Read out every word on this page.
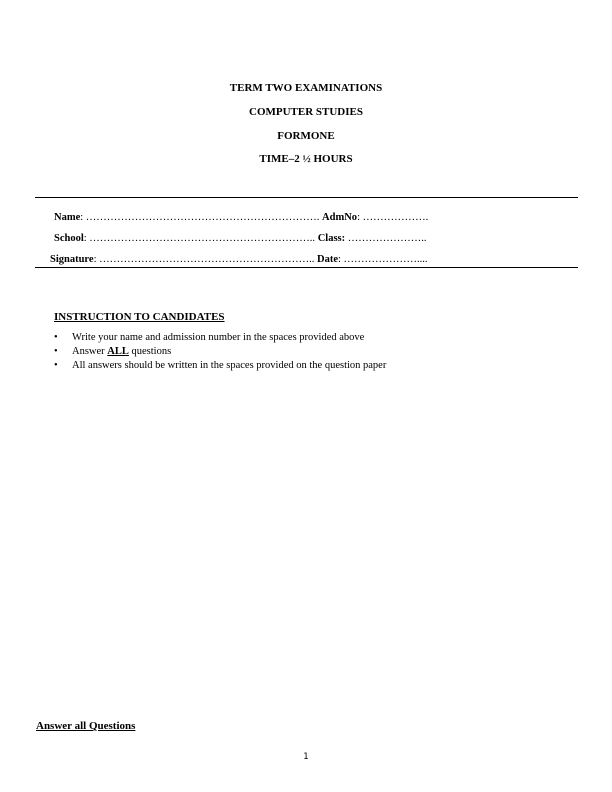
TERM TWO EXAMINATIONS
COMPUTER STUDIES
FORMONE
TIME–2 ½ HOURS
Name: …………………………………………………………. AdmNo: ……………….
School: ……………………………………………………….. Class: …………………..
Signature: …………………………………………………….. Date: …………………....
INSTRUCTION TO CANDIDATES
• Write your name and admission number in the spaces provided above
• Answer ALL questions
• All answers should be written in the spaces provided on the question paper
Answer all Questions
1
